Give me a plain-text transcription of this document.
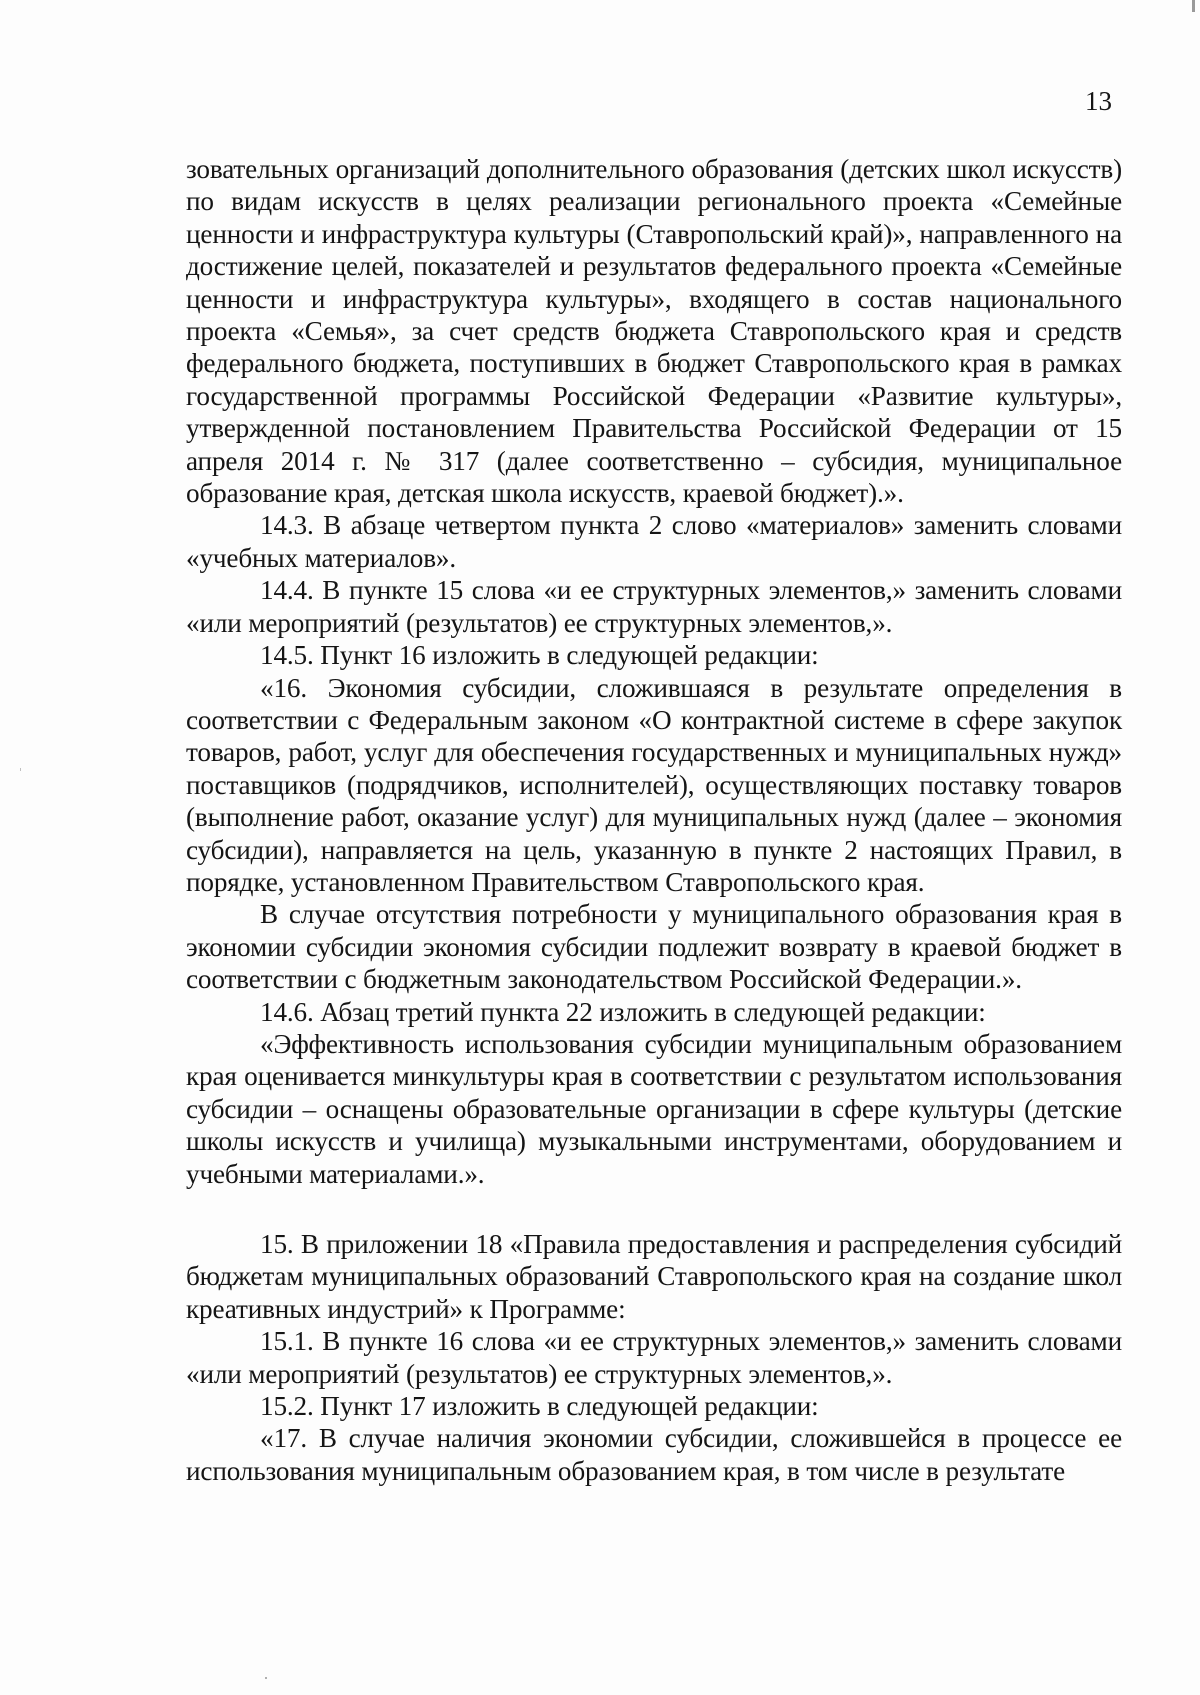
13

зовательных организаций дополнительного образования (детских школ искусств) по видам искусств в целях реализации регионального проекта «Семейные ценности и инфраструктура культуры (Ставропольский край)», направленного на достижение целей, показателей и результатов федерального проекта «Семейные ценности и инфраструктура культуры», входящего в состав национального проекта «Семья», за счет средств бюджета Ставропольского края и средств федерального бюджета, поступивших в бюджет Ставропольского края в рамках государственной программы Российской Федерации «Развитие культуры», утвержденной постановлением Правительства Российской Федерации от 15 апреля 2014 г. № 317 (далее соответственно – субсидия, муниципальное образование края, детская школа искусств, краевой бюджет).».

14.3. В абзаце четвертом пункта 2 слово «материалов» заменить словами «учебных материалов».

14.4. В пункте 15 слова «и ее структурных элементов,» заменить словами «или мероприятий (результатов) ее структурных элементов,».

14.5. Пункт 16 изложить в следующей редакции:

«16. Экономия субсидии, сложившаяся в результате определения в соответствии с Федеральным законом «О контрактной системе в сфере закупок товаров, работ, услуг для обеспечения государственных и муниципальных нужд» поставщиков (подрядчиков, исполнителей), осуществляющих поставку товаров (выполнение работ, оказание услуг) для муниципальных нужд (далее – экономия субсидии), направляется на цель, указанную в пункте 2 настоящих Правил, в порядке, установленном Правительством Ставропольского края.

В случае отсутствия потребности у муниципального образования края в экономии субсидии экономия субсидии подлежит возврату в краевой бюджет в соответствии с бюджетным законодательством Российской Федерации.».

14.6. Абзац третий пункта 22 изложить в следующей редакции:

«Эффективность использования субсидии муниципальным образованием края оценивается минкультуры края в соответствии с результатом использования субсидии – оснащены образовательные организации в сфере культуры (детские школы искусств и училища) музыкальными инструментами, оборудованием и учебными материалами.».

15. В приложении 18 «Правила предоставления и распределения субсидий бюджетам муниципальных образований Ставропольского края на создание школ креативных индустрий» к Программе:

15.1. В пункте 16 слова «и ее структурных элементов,» заменить словами «или мероприятий (результатов) ее структурных элементов,».

15.2. Пункт 17 изложить в следующей редакции:

«17. В случае наличия экономии субсидии, сложившейся в процессе ее использования муниципальным образованием края, в том числе в результате
